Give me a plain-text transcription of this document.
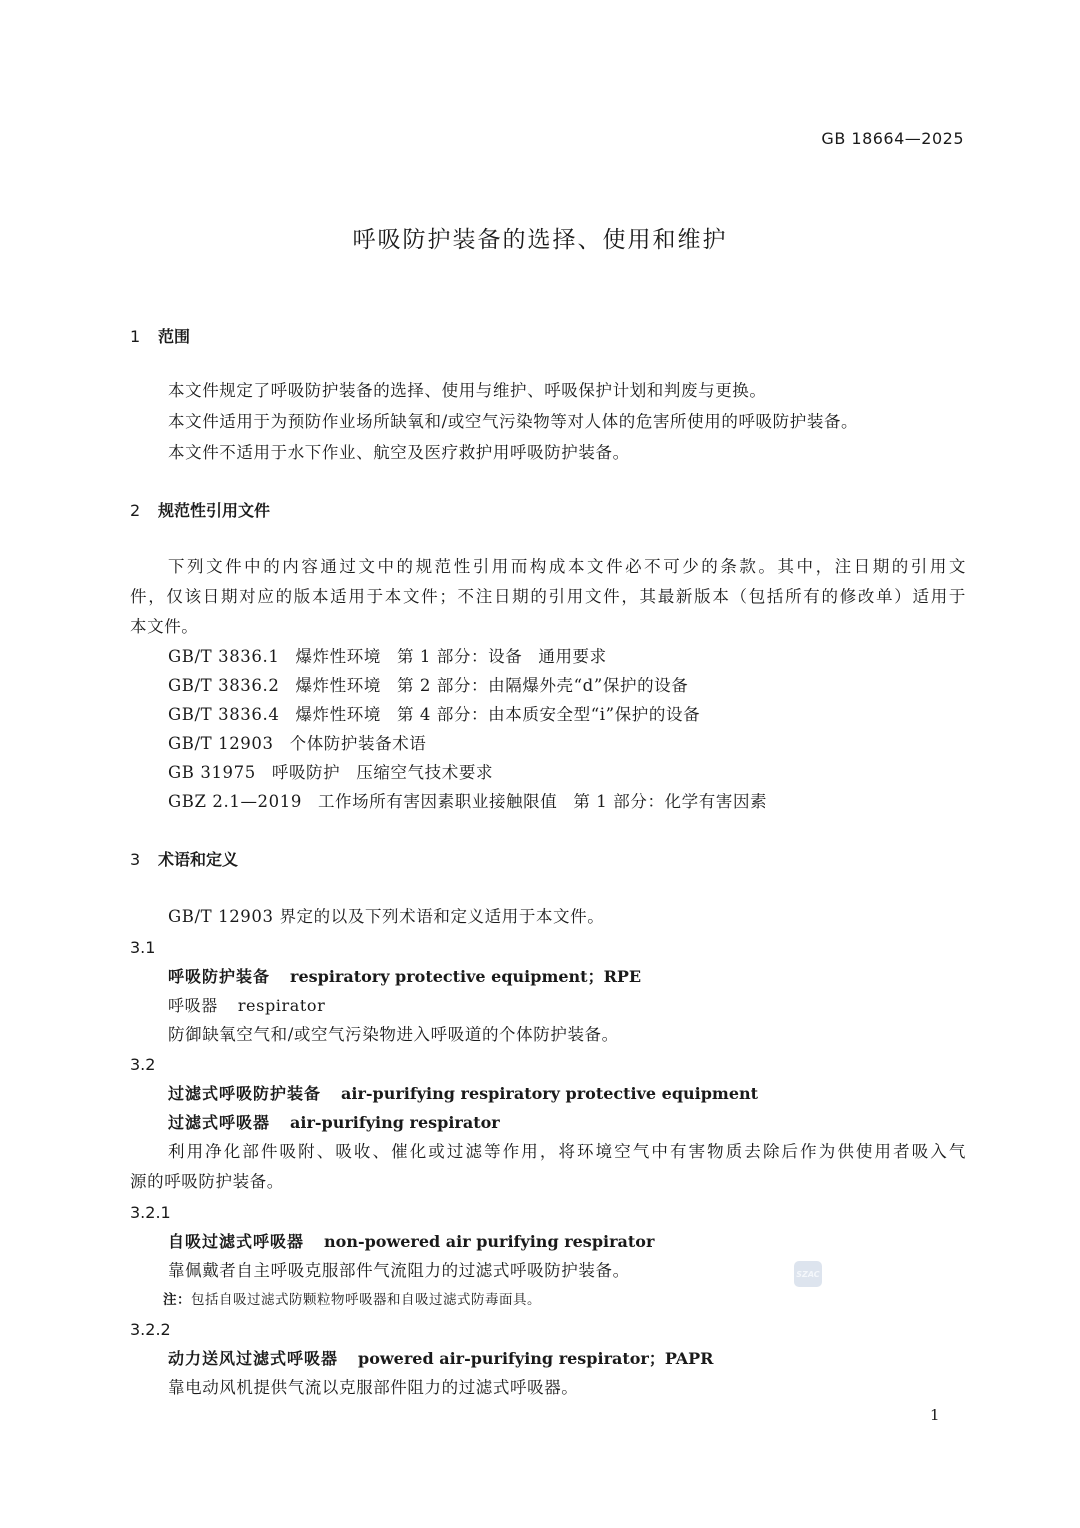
GB 18664—2025
呼吸防护装备的选择、使用和维护
1 范围
本文件规定了呼吸防护装备的选择、使用与维护、呼吸保护计划和判废与更换。
本文件适用于为预防作业场所缺氧和/或空气污染物等对人体的危害所使用的呼吸防护装备。
本文件不适用于水下作业、航空及医疗救护用呼吸防护装备。
2 规范性引用文件
下列文件中的内容通过文中的规范性引用而构成本文件必不可少的条款。其中，注日期的引用文
件，仅该日期对应的版本适用于本文件；不注日期的引用文件，其最新版本（包括所有的修改单）适用于
本文件。
GB/T 3836.1 爆炸性环境 第 1 部分：设备 通用要求
GB/T 3836.2 爆炸性环境 第 2 部分：由隔爆外壳“d”保护的设备
GB/T 3836.4 爆炸性环境 第 4 部分：由本质安全型“i”保护的设备
GB/T 12903 个体防护装备术语
GB 31975 呼吸防护 压缩空气技术要求
GBZ 2.1—2019 工作场所有害因素职业接触限值 第 1 部分：化学有害因素
3 术语和定义
GB/T 12903 界定的以及下列术语和定义适用于本文件。
3.1
呼吸防护装备 respiratory protective equipment；RPE
呼吸器 respirator
防御缺氧空气和/或空气污染物进入呼吸道的个体防护装备。
3.2
过滤式呼吸防护装备 air-purifying respiratory protective equipment
过滤式呼吸器 air-purifying respirator
利用净化部件吸附、吸收、催化或过滤等作用，将环境空气中有害物质去除后作为供使用者吸入气
源的呼吸防护装备。
3.2.1
自吸过滤式呼吸器 non-powered air purifying respirator
靠佩戴者自主呼吸克服部件气流阻力的过滤式呼吸防护装备。	SZAC
注：包括自吸过滤式防颗粒物呼吸器和自吸过滤式防毒面具。
3.2.2
动力送风过滤式呼吸器 powered air-purifying respirator；PAPR
靠电动风机提供气流以克服部件阻力的过滤式呼吸器。
1
